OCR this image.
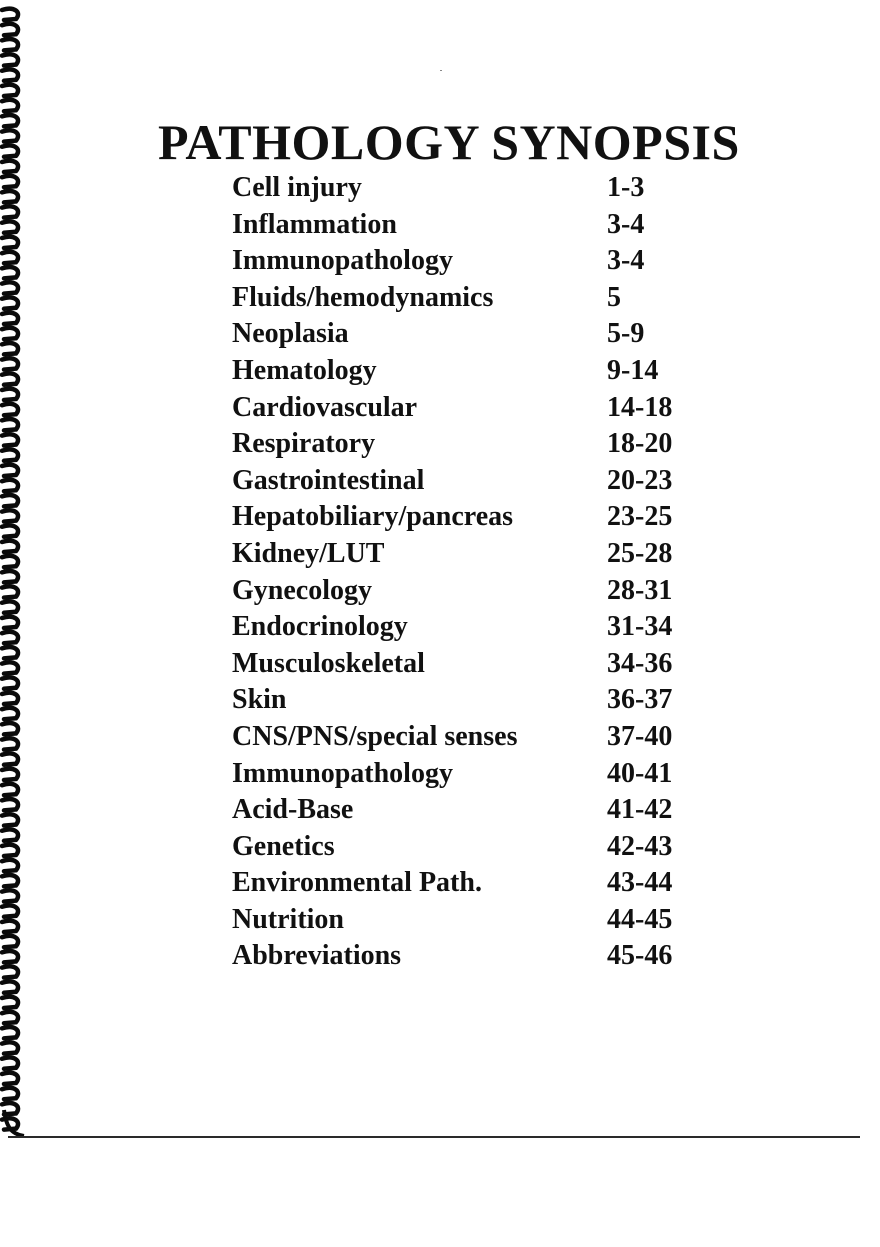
PATHOLOGY SYNOPSIS
Cell injury	1-3
Inflammation	3-4
Immunopathology	3-4
Fluids/hemodynamics	5
Neoplasia	5-9
Hematology	9-14
Cardiovascular	14-18
Respiratory	18-20
Gastrointestinal	20-23
Hepatobiliary/pancreas	23-25
Kidney/LUT	25-28
Gynecology	28-31
Endocrinology	31-34
Musculoskeletal	34-36
Skin	36-37
CNS/PNS/special senses	37-40
Immunopathology	40-41
Acid-Base	41-42
Genetics	42-43
Environmental Path.	43-44
Nutrition	44-45
Abbreviations	45-46
